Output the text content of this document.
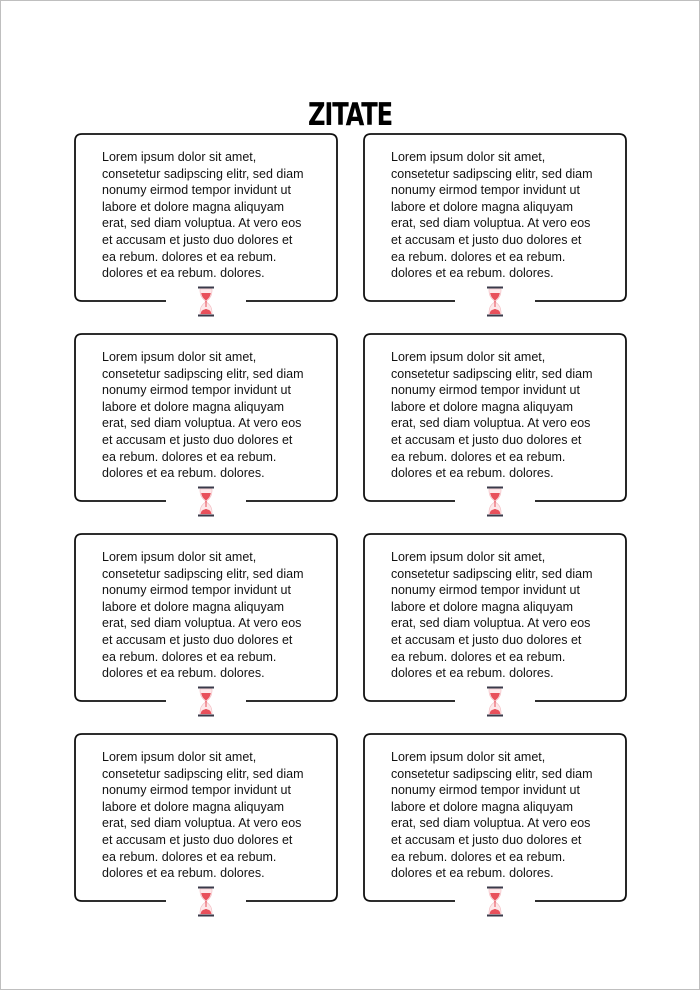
ZITATE

Lorem ipsum dolor sit amet,
consetetur sadipscing elitr, sed diam
nonumy eirmod tempor invidunt ut
labore et dolore magna aliquyam
erat, sed diam voluptua. At vero eos
et accusam et justo duo dolores et
ea rebum. dolores et ea rebum.
dolores et ea rebum. dolores.

Lorem ipsum dolor sit amet,
consetetur sadipscing elitr, sed diam
nonumy eirmod tempor invidunt ut
labore et dolore magna aliquyam
erat, sed diam voluptua. At vero eos
et accusam et justo duo dolores et
ea rebum. dolores et ea rebum.
dolores et ea rebum. dolores.

Lorem ipsum dolor sit amet,
consetetur sadipscing elitr, sed diam
nonumy eirmod tempor invidunt ut
labore et dolore magna aliquyam
erat, sed diam voluptua. At vero eos
et accusam et justo duo dolores et
ea rebum. dolores et ea rebum.
dolores et ea rebum. dolores.

Lorem ipsum dolor sit amet,
consetetur sadipscing elitr, sed diam
nonumy eirmod tempor invidunt ut
labore et dolore magna aliquyam
erat, sed diam voluptua. At vero eos
et accusam et justo duo dolores et
ea rebum. dolores et ea rebum.
dolores et ea rebum. dolores.

Lorem ipsum dolor sit amet,
consetetur sadipscing elitr, sed diam
nonumy eirmod tempor invidunt ut
labore et dolore magna aliquyam
erat, sed diam voluptua. At vero eos
et accusam et justo duo dolores et
ea rebum. dolores et ea rebum.
dolores et ea rebum. dolores.

Lorem ipsum dolor sit amet,
consetetur sadipscing elitr, sed diam
nonumy eirmod tempor invidunt ut
labore et dolore magna aliquyam
erat, sed diam voluptua. At vero eos
et accusam et justo duo dolores et
ea rebum. dolores et ea rebum.
dolores et ea rebum. dolores.

Lorem ipsum dolor sit amet,
consetetur sadipscing elitr, sed diam
nonumy eirmod tempor invidunt ut
labore et dolore magna aliquyam
erat, sed diam voluptua. At vero eos
et accusam et justo duo dolores et
ea rebum. dolores et ea rebum.
dolores et ea rebum. dolores.

Lorem ipsum dolor sit amet,
consetetur sadipscing elitr, sed diam
nonumy eirmod tempor invidunt ut
labore et dolore magna aliquyam
erat, sed diam voluptua. At vero eos
et accusam et justo duo dolores et
ea rebum. dolores et ea rebum.
dolores et ea rebum. dolores.
